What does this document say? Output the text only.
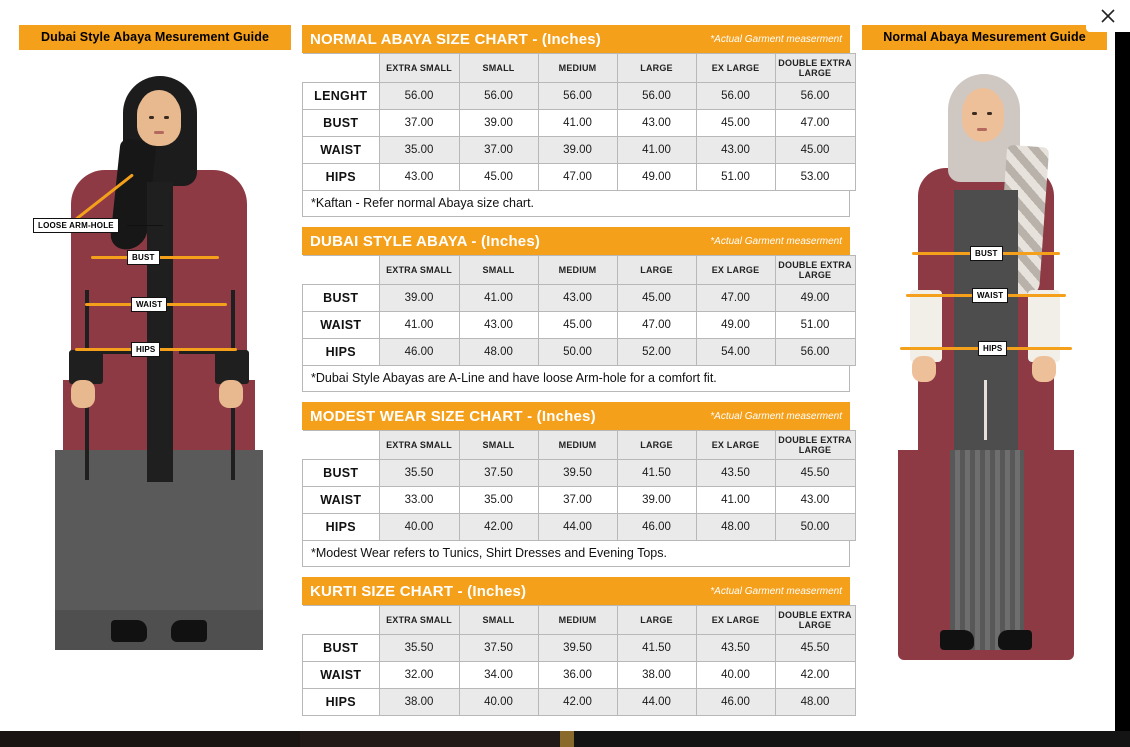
Dubai Style Abaya Mesurement Guide
LOOSE ARM-HOLE
BUST
WAIST
HIPS
NORMAL ABAYA SIZE CHART - (Inches)	*Actual Garment measerment
	EXTRA SMALL	SMALL	MEDIUM	LARGE	EX LARGE	DOUBLE EXTRA LARGE
LENGHT	56.00	56.00	56.00	56.00	56.00	56.00
BUST	37.00	39.00	41.00	43.00	45.00	47.00
WAIST	35.00	37.00	39.00	41.00	43.00	45.00
HIPS	43.00	45.00	47.00	49.00	51.00	53.00
*Kaftan - Refer normal Abaya size chart.
DUBAI STYLE ABAYA - (Inches)	*Actual Garment measerment
	EXTRA SMALL	SMALL	MEDIUM	LARGE	EX LARGE	DOUBLE EXTRA LARGE
BUST	39.00	41.00	43.00	45.00	47.00	49.00
WAIST	41.00	43.00	45.00	47.00	49.00	51.00
HIPS	46.00	48.00	50.00	52.00	54.00	56.00
*Dubai Style Abayas are A-Line and have loose Arm-hole for a comfort fit.
MODEST WEAR SIZE CHART - (Inches)	*Actual Garment measerment
	EXTRA SMALL	SMALL	MEDIUM	LARGE	EX LARGE	DOUBLE EXTRA LARGE
BUST	35.50	37.50	39.50	41.50	43.50	45.50
WAIST	33.00	35.00	37.00	39.00	41.00	43.00
HIPS	40.00	42.00	44.00	46.00	48.00	50.00
*Modest Wear refers to Tunics, Shirt Dresses and Evening Tops.
KURTI SIZE CHART - (Inches)	*Actual Garment measerment
	EXTRA SMALL	SMALL	MEDIUM	LARGE	EX LARGE	DOUBLE EXTRA LARGE
BUST	35.50	37.50	39.50	41.50	43.50	45.50
WAIST	32.00	34.00	36.00	38.00	40.00	42.00
HIPS	38.00	40.00	42.00	44.00	46.00	48.00
Normal Abaya Mesurement Guide
BUST
WAIST
HIPS
